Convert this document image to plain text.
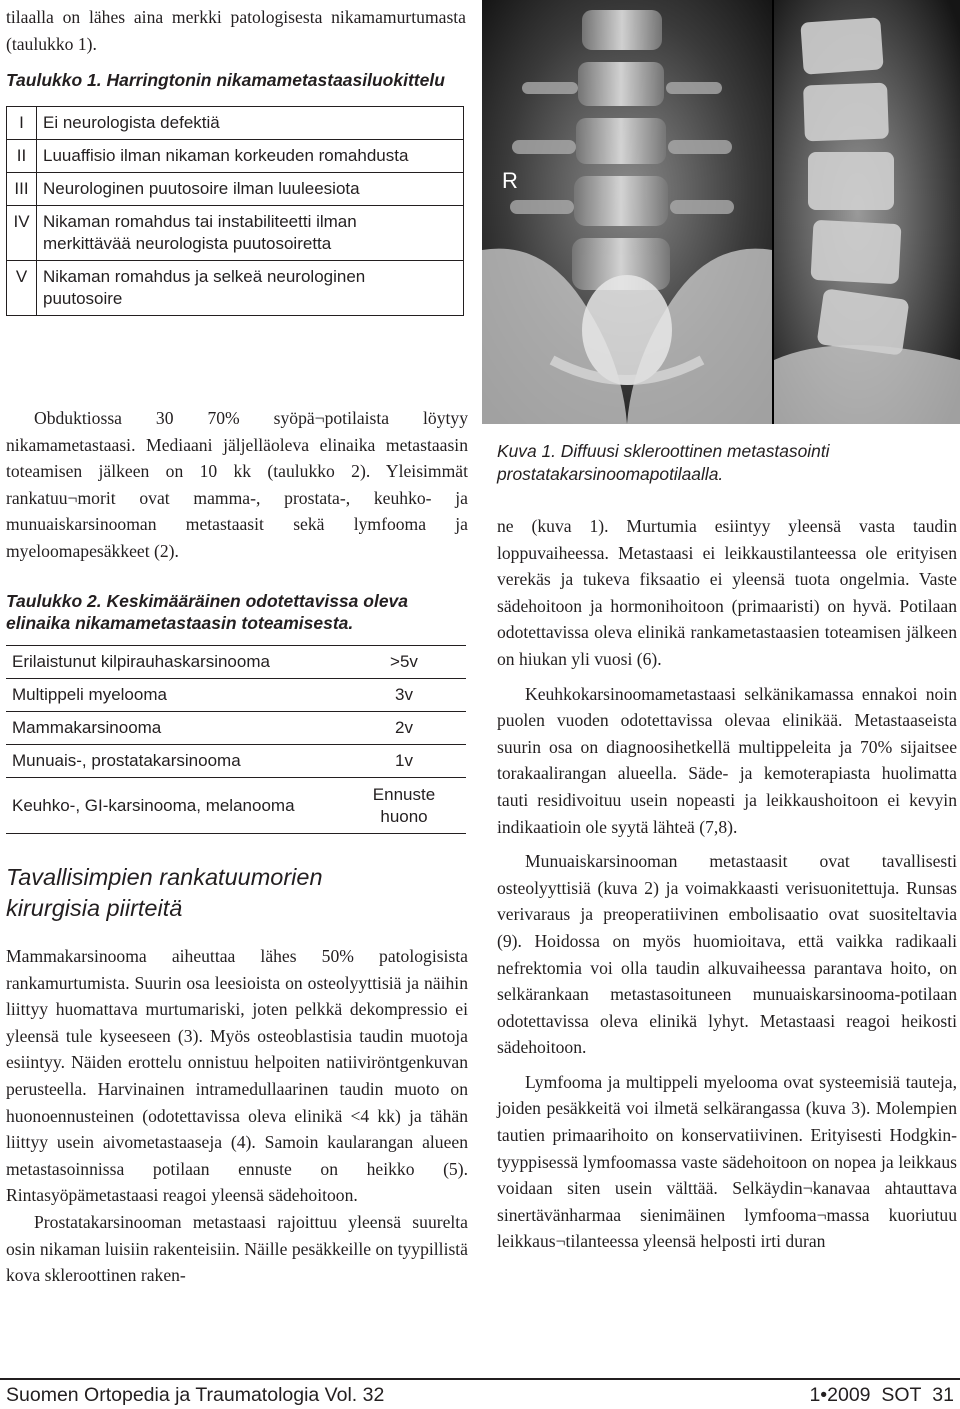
tilaalla on lähes aina merkki patologisesta nikamamurtumasta (taulukko 1).
Taulukko 1. Harringtonin nikamametastaasiluokittelu
I	Ei neurologista defektiä
II	Luuaffisio ilman nikaman korkeuden romahdusta
III	Neurologinen puutosoire ilman luuleesiota
IV	Nikaman romahdus tai instabiliteetti ilman merkittävää neurologista puutosoiretta
V	Nikaman romahdus ja selkeä neurologinen puutosoire
R
Kuva 1. Diffuusi skleroottinen metastasointi prostatakarsinoomapotilaalla.

Obduktiossa 30 70% syöpä¬potilaista löytyy nikamametastaasi. Mediaani jäljelläoleva elinaika metastaasin toteamisen jälkeen on 10 kk (taulukko 2). Yleisimmät rankatuu¬morit ovat mamma-, prostata-, keuhko- ja munuaiskarsinooman metastaasit sekä lymfooma ja myeloomapesäkkeet (2).

Taulukko 2. Keskimääräinen odotettavissa oleva elinaika nikamametastaasin toteamisesta.
Erilaistunut kilpirauhaskarsinooma	>5v
Multippeli myelooma	3v
Mammakarsinooma	2v
Munuais-, prostatakarsinooma	1v
Keuhko-, GI-karsinooma, melanooma	Ennuste huono
Tavallisimpien rankatuumorien kirurgisia piirteitä

Mammakarsinooma aiheuttaa lähes 50% patologisista rankamurtumista. Suurin osa leesioista on osteolyyttisiä ja näihin liittyy huomattava murtumariski, joten pelkkä dekompressio ei yleensä tule kyseeseen (3). Myös osteoblastisia taudin muotoja esiintyy. Näiden erottelu onnistuu helpoiten natiiviröntgenkuvan perusteella. Harvinainen intramedullaarinen taudin muoto on huonoennusteinen (odotettavissa oleva elinikä <4 kk) ja tähän liittyy usein aivometastaaseja (4). Samoin kaularangan alueen metastasoinnissa potilaan ennuste on heikko (5). Rintasyöpämetastaasi reagoi yleensä sädehoitoon.

Prostatakarsinooman metastaasi rajoittuu yleensä suurelta osin nikaman luisiin rakenteisiin. Näille pesäkkeille on tyypillistä kova skleroottinen raken-

ne (kuva 1). Murtumia esiintyy yleensä vasta taudin loppuvaiheessa. Metastaasi ei leikkaustilanteessa ole erityisen verekäs ja tukeva fiksaatio ei yleensä tuota ongelmia. Vaste sädehoitoon ja hormonihoitoon (primaaristi) on hyvä. Potilaan odotettavissa oleva elinikä rankametastaasien toteamisen jälkeen on hiukan yli vuosi (6).

Keuhkokarsinoomametastaasi selkänikamassa ennakoi noin puolen vuoden odotettavissa olevaa elinikää. Metastaaseista suurin osa on diagnoosihetkellä multippeleita ja 70% sijaitsee torakaalirangan alueella. Säde- ja kemoterapiasta huolimatta tauti residivoituu usein nopeasti ja leikkaushoitoon ei kevyin indikaatioin ole syytä lähteä (7,8).

Munuaiskarsinooman metastaasit ovat tavallisesti osteolyyttisiä (kuva 2) ja voimakkaasti verisuonitettuja. Runsas verivaraus ja preoperatiivinen embolisaatio ovat suositeltavia (9). Hoidossa on myös huomioitava, että vaikka radikaali nefrektomia voi olla taudin alkuvaiheessa parantava hoito, on selkärankaan metastasoituneen munuaiskarsinooma-potilaan odotettavissa oleva elinikä lyhyt. Metastaasi reagoi heikosti sädehoitoon.

Lymfooma ja multippeli myelooma ovat systeemisiä tauteja, joiden pesäkkeitä voi ilmetä selkärangassa (kuva 3). Molempien tautien primaarihoito on konservatiivinen. Erityisesti Hodgkin-tyyppisessä lymfoomassa vaste sädehoitoon on nopea ja leikkaus voidaan siten usein välttää. Selkäydin¬kanavaa ahtauttava sinertävänharmaa sienimäinen lymfooma¬massa kuoriutuu leikkaus¬tilanteessa yleensä helposti irti duran

Suomen Ortopedia ja Traumatologia Vol. 32	1•2009 SOT 31
